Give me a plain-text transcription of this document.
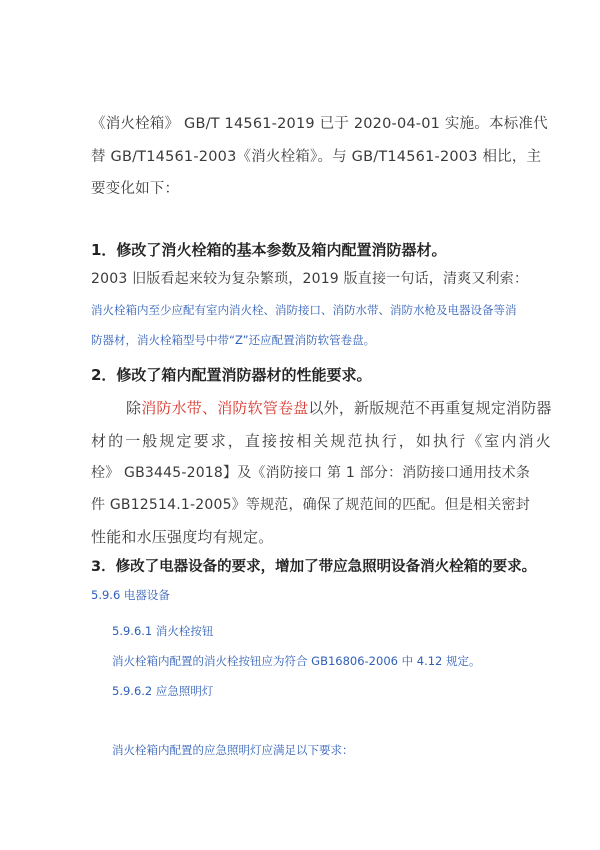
《消火栓箱》 GB/T 14561-2019 已于 2020-04-01 实施。本标准代

替 GB/T14561-2003《消火栓箱》。与 GB/T14561-2003 相比，主

要变化如下：

1．修改了消火栓箱的基本参数及箱内配置消防器材。

2003 旧版看起来较为复杂繁琐，2019 版直接一句话，清爽又利索：

消火栓箱内至少应配有室内消火栓、消防接口、消防水带、消防水枪及电器设备等消

防器材，消火栓箱型号中带“Z”还应配置消防软管卷盘。

2．修改了箱内配置消防器材的性能要求。

除消防水带、消防软管卷盘以外，新版规范不再重复规定消防器

材的一般规定要求，直接按相关规范执行，如执行《室内消火

栓》 GB3445-2018】及《消防接口 第 1 部分：消防接口通用技术条

件 GB12514.1-2005》等规范，确保了规范间的匹配。但是相关密封

性能和水压强度均有规定。

3．修改了电器设备的要求，增加了带应急照明设备消火栓箱的要求。

5.9.6 电器设备

5.9.6.1 消火栓按钮

消火栓箱内配置的消火栓按钮应为符合 GB16806-2006 中 4.12 规定。

5.9.6.2 应急照明灯

消火栓箱内配置的应急照明灯应满足以下要求：
